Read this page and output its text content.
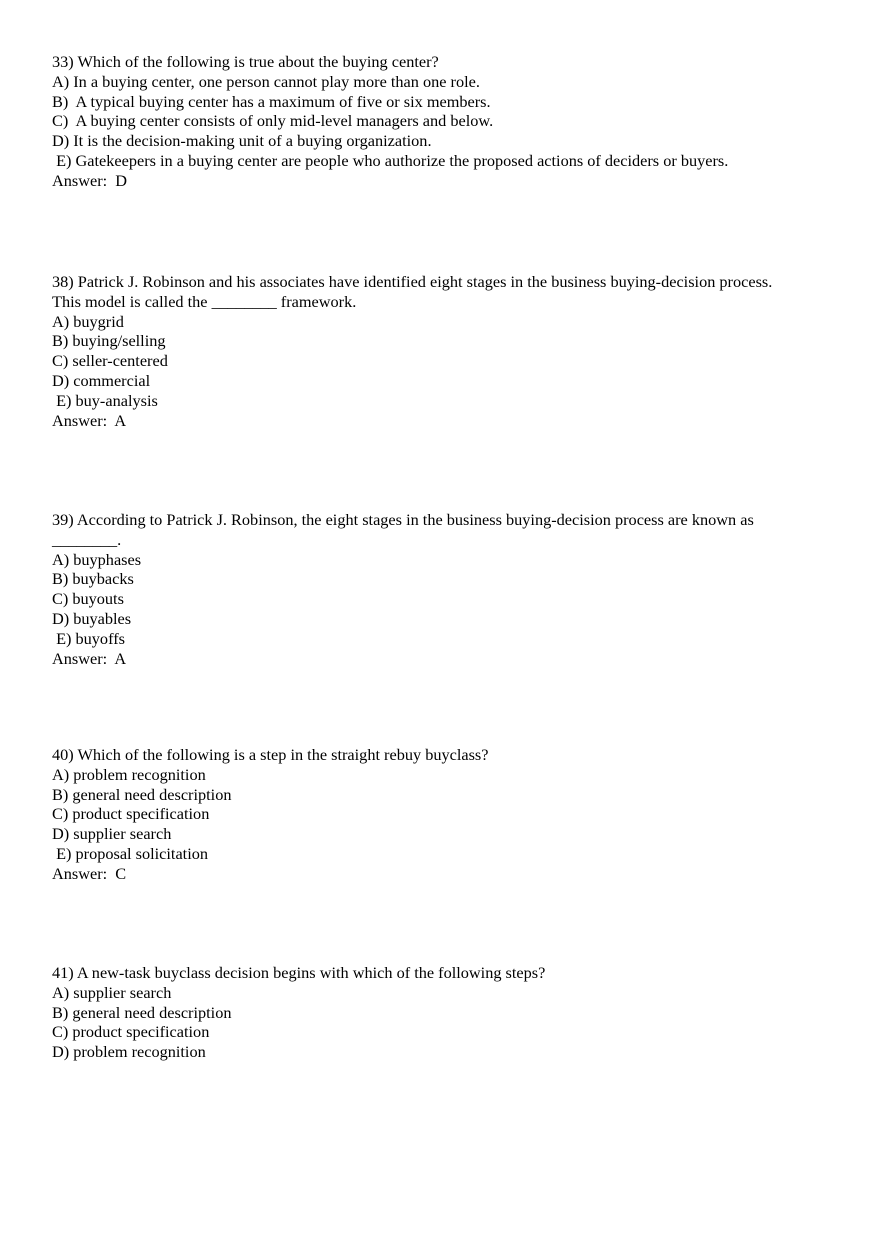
33) Which of the following is true about the buying center?
A) In a buying center, one person cannot play more than one role.
B)  A typical buying center has a maximum of five or six members.
C)  A buying center consists of only mid-level managers and below.
D) It is the decision-making unit of a buying organization.
E) Gatekeepers in a buying center are people who authorize the proposed actions of deciders or buyers.
Answer:  D
38) Patrick J. Robinson and his associates have identified eight stages in the business buying-decision process.
This model is called the ________ framework.
A) buygrid
B) buying/selling
C) seller-centered
D) commercial
E) buy-analysis
Answer:  A
39) According to Patrick J. Robinson, the eight stages in the business buying-decision process are known as
________.
A) buyphases
B) buybacks
C) buyouts
D) buyables
E) buyoffs
Answer:  A
40) Which of the following is a step in the straight rebuy buyclass?
A) problem recognition
B) general need description
C) product specification
D) supplier search
E) proposal solicitation
Answer:  C
41) A new-task buyclass decision begins with which of the following steps?
A) supplier search
B) general need description
C) product specification
D) problem recognition
